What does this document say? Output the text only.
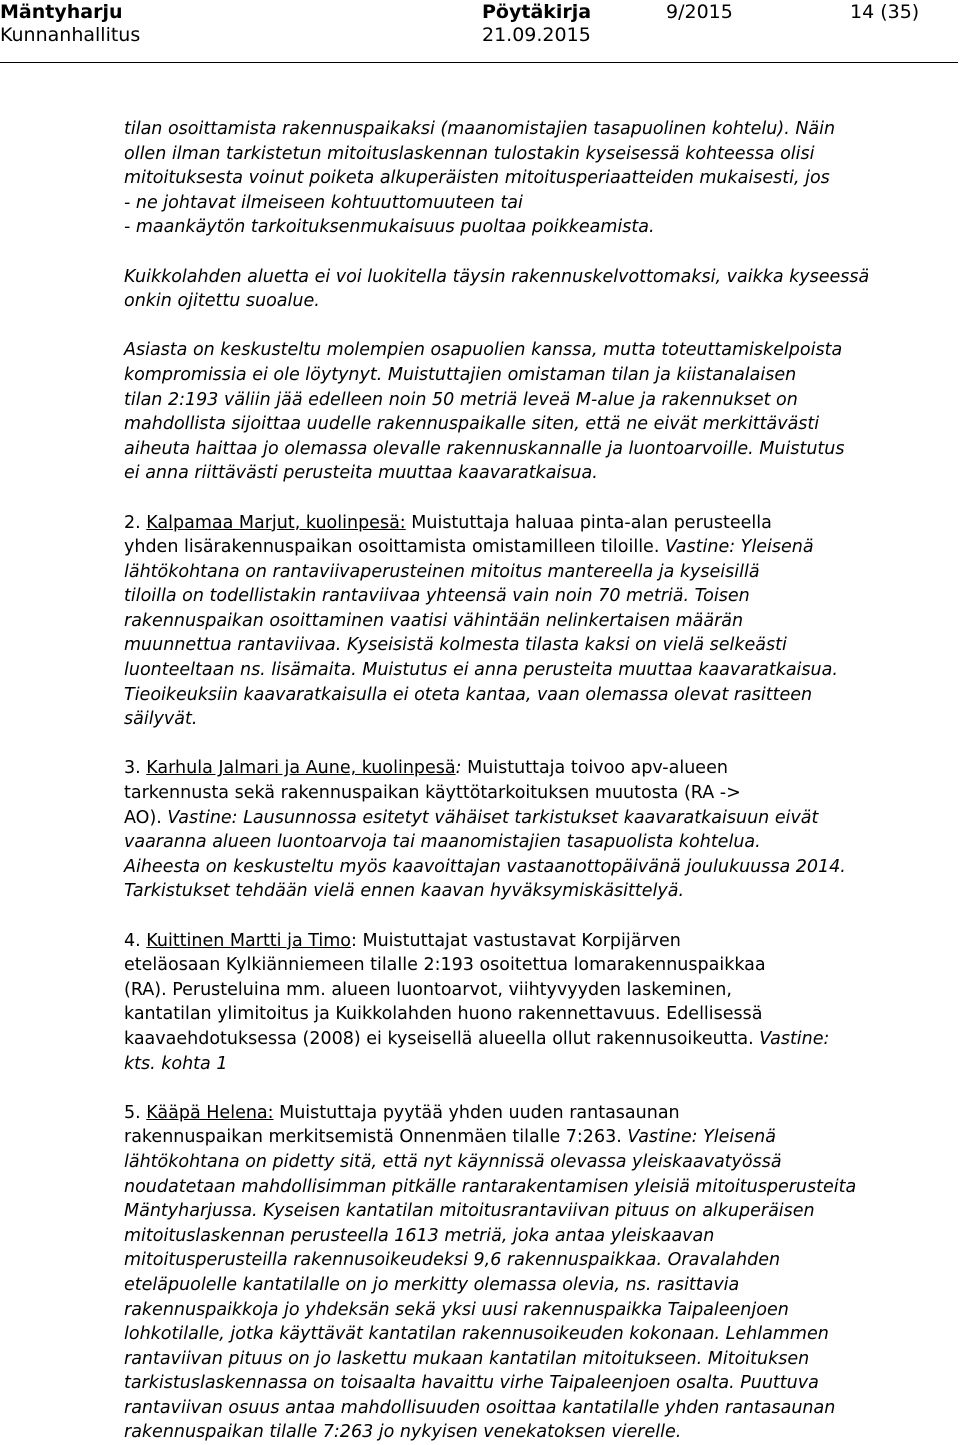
Mäntyharju
Kunnanhallitus
Pöytäkirja
21.09.2015
9/2015	14 (35)

tilan osoittamista rakennuspaikaksi (maanomistajien tasapuolinen kohtelu). Näin
ollen ilman tarkistetun mitoituslaskennan tulostakin kyseisessä kohteessa olisi
mitoituksesta voinut poiketa alkuperäisten mitoitusperiaatteiden mukaisesti, jos
- ne johtavat ilmeiseen kohtuuttomuuteen tai
- maankäytön tarkoituksenmukaisuus puoltaa poikkeamista.

Kuikkolahden aluetta ei voi luokitella täysin rakennuskelvottomaksi, vaikka kyseessä
onkin ojitettu suoalue.

Asiasta on keskusteltu molempien osapuolien kanssa, mutta toteuttamiskelpoista
kompromissia ei ole löytynyt. Muistuttajien omistaman tilan ja kiistanalaisen
tilan 2:193 väliin jää edelleen noin 50 metriä leveä M-alue ja rakennukset on
mahdollista sijoittaa uudelle rakennuspaikalle siten, että ne eivät merkittävästi
aiheuta haittaa jo olemassa olevalle rakennuskannalle ja luontoarvoille. Muistutus
ei anna riittävästi perusteita muuttaa kaavaratkaisua.

2. Kalpamaa Marjut, kuolinpesä: Muistuttaja haluaa pinta-alan perusteella
yhden lisärakennuspaikan osoittamista omistamilleen tiloille. Vastine: Yleisenä
lähtökohtana on rantaviivaperusteinen mitoitus mantereella ja kyseisillä
tiloilla on todellistakin rantaviivaa yhteensä vain noin 70 metriä. Toisen
rakennuspaikan osoittaminen vaatisi vähintään nelinkertaisen määrän
muunnettua rantaviivaa. Kyseisistä kolmesta tilasta kaksi on vielä selkeästi
luonteeltaan ns. lisämaita. Muistutus ei anna perusteita muuttaa kaavaratkaisua.
Tieoikeuksiin kaavaratkaisulla ei oteta kantaa, vaan olemassa olevat rasitteen
säilyvät.

3. Karhula Jalmari ja Aune, kuolinpesä: Muistuttaja toivoo apv-alueen
tarkennusta sekä rakennuspaikan käyttötarkoituksen muutosta (RA ->
AO). Vastine: Lausunnossa esitetyt vähäiset tarkistukset kaavaratkaisuun eivät
vaaranna alueen luontoarvoja tai maanomistajien tasapuolista kohtelua.
Aiheesta on keskusteltu myös kaavoittajan vastaanottopäivänä joulukuussa 2014.
Tarkistukset tehdään vielä ennen kaavan hyväksymiskäsittelyä.

4. Kuittinen Martti ja Timo: Muistuttajat vastustavat Korpijärven
eteläosaan Kylkiänniemeen tilalle 2:193 osoitettua lomarakennuspaikkaa
(RA). Perusteluina mm. alueen luontoarvot, viihtyvyyden laskeminen,
kantatilan ylimitoitus ja Kuikkolahden huono rakennettavuus. Edellisessä
kaavaehdotuksessa (2008) ei kyseisellä alueella ollut rakennusoikeutta. Vastine:
kts. kohta 1

5. Kääpä Helena: Muistuttaja pyytää yhden uuden rantasaunan
rakennuspaikan merkitsemistä Onnenmäen tilalle 7:263. Vastine: Yleisenä
lähtökohtana on pidetty sitä, että nyt käynnissä olevassa yleiskaavatyössä
noudatetaan mahdollisimman pitkälle rantarakentamisen yleisiä mitoitusperusteita
Mäntyharjussa. Kyseisen kantatilan mitoitusrantaviivan pituus on alkuperäisen
mitoituslaskennan perusteella 1613 metriä, joka antaa yleiskaavan
mitoitusperusteilla rakennusoikeudeksi 9,6 rakennuspaikkaa. Oravalahden
eteläpuolelle kantatilalle on jo merkitty olemassa olevia, ns. rasittavia
rakennuspaikkoja jo yhdeksän sekä yksi uusi rakennuspaikka Taipaleenjoen
lohkotilalle, jotka käyttävät kantatilan rakennusoikeuden kokonaan. Lehlammen
rantaviivan pituus on jo laskettu mukaan kantatilan mitoitukseen. Mitoituksen
tarkistuslaskennassa on toisaalta havaittu virhe Taipaleenjoen osalta. Puuttuva
rantaviivan osuus antaa mahdollisuuden osoittaa kantatilalle yhden rantasaunan
rakennuspaikan tilalle 7:263 jo nykyisen venekatoksen vierelle.
